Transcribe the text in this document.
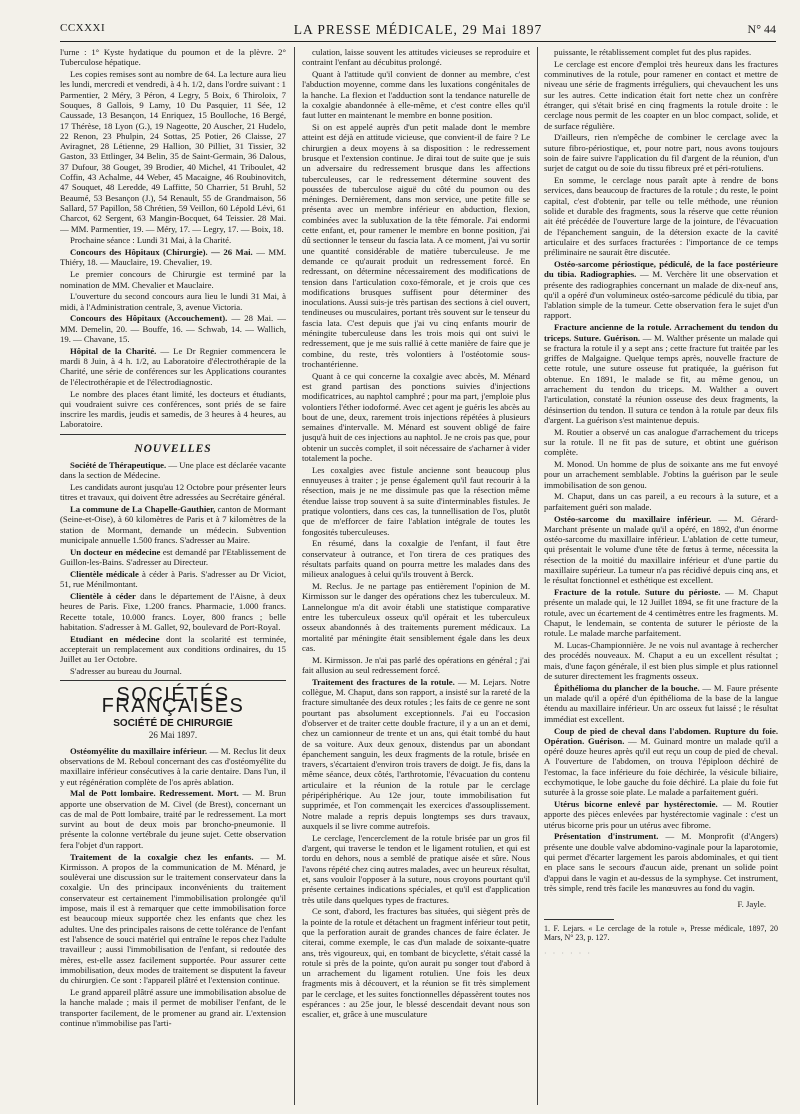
CCXXXI	LA PRESSE MÉDICALE, 29 Mai 1897	N° 44

l'urne : 1° Kyste hydatique du poumon et de la plèvre. 2° Tuberculose hépatique.

Les copies remises sont au nombre de 64. La lecture aura lieu les lundi, mercredi et vendredi, à 4 h. 1/2, dans l'ordre suivant : 1 Parmentier, 2 Méry, 3 Péron, 4 Legry, 5 Boix, 6 Thiroloix, 7 Souques, 8 Gallois, 9 Lamy, 10 Du Pasquier, 11 Sée, 12 Caussade, 13 Besançon, 14 Enriquez, 15 Boulloche, 16 Bergé, 17 Thérèse, 18 Lyon (G.), 19 Nageotte, 20 Auscher, 21 Hudelo, 22 Renon, 23 Phulpin, 24 Sottas, 25 Potier, 26 Claisse, 27 Aviragnet, 28 Létienne, 29 Hallion, 30 Pilliet, 31 Tissier, 32 Gaston, 33 Ettlinger, 34 Belin, 35 de Saint-Germain, 36 Dalous, 37 Dufour, 38 Gouget, 39 Brodier, 40 Michel, 41 Triboulet, 42 Coffin, 43 Achalme, 44 Weber, 45 Macaigne, 46 Roubinovitch, 47 Souquet, 48 Leredde, 49 Laffitte, 50 Charrier, 51 Bruhl, 52 Beaumé, 53 Besançon (J.), 54 Renault, 55 de Grandmaison, 56 Sallard, 57 Papillon, 58 Chrétien, 59 Veillon, 60 Lépold Lévi, 61 Charcot, 62 Sergent, 63 Mangin-Bocquet, 64 Teissier. 28 Mai. — MM. Parmentier, 19. — Méry, 17. — Legry, 17. — Boix, 18.

Prochaine séance : Lundi 31 Mai, à la Charité.

Concours des Hôpitaux (Chirurgie). — 26 Mai. — MM. Thiéry, 18. — Mauclaire, 19. Chevalier, 19.

Le premier concours de Chirurgie est terminé par la nomination de MM. Chevalier et Mauclaire.

L'ouverture du second concours aura lieu le lundi 31 Mai, à midi, à l'Administration centrale, 3, avenue Victoria.

Concours des Hôpitaux (Accouchement). — 28 Mai. — MM. Demelin, 20. — Bouffe, 16. — Schwab, 14. — Wallich, 19. — Chavane, 15.

Hôpital de la Charité. — Le Dr Regnier commencera le mardi 8 Juin, à 4 h. 1/2, au Laboratoire d'électrothérapie de la Charité, une série de conférences sur les Applications courantes de l'électrothérapie et de l'électrodiagnostic.

Le nombre des places étant limité, les docteurs et étudiants, qui voudraient suivre ces conférences, sont priés de se faire inscrire les mardis, jeudis et samedis, de 3 heures à 4 heures, au Laboratoire.

NOUVELLES

Société de Thérapeutique. — Une place est déclarée vacante dans la section de Médecine.

Les candidats auront jusqu'au 12 Octobre pour présenter leurs titres et travaux, qui doivent être adressées au Secrétaire général.

La commune de La Chapelle-Gauthier, canton de Mormant (Seine-et-Oise), à 60 kilomètres de Paris et à 7 kilomètres de la station de Mormant, demande un médecin. Subvention municipale annuelle 1.500 francs. S'adresser au Maire.

Un docteur en médecine est demandé par l'Etablissement de Guillon-les-Bains. S'adresser au Directeur.

Clientèle médicale à céder à Paris. S'adresser au Dr Viciot, 51, rue Ménilmontant.

Clientèle à céder dans le département de l'Aisne, à deux heures de Paris. Fixe, 1.200 francs. Pharmacie, 1.000 francs. Recette totale, 10.000 francs. Loyer, 800 francs ; belle habitation. S'adresser à M. Gallet, 92, boulevard de Port-Royal.

Etudiant en médecine dont la scolarité est terminée, accepterait un remplacement aux conditions ordinaires, du 15 Juillet au 1er Octobre.

S'adresser au bureau du Journal.

SOCIÉTÉS FRANÇAISES
SOCIÉTÉ DE CHIRURGIE
26 Mai 1897.

Ostéomyélite du maxillaire inférieur. — M. Reclus lit deux observations de M. Reboul concernant des cas d'ostéomyélite du maxillaire inférieur consécutives à la carie dentaire. Dans l'un, il y eut régénération complète de l'os après ablation.

Mal de Pott lombaire. Redressement. Mort. — M. Brun apporte une observation de M. Civel (de Brest), concernant un cas de mal de Pott lombaire, traité par le redressement. La mort survint au bout de deux mois par broncho-pneumonie. Il présente la colonne vertébrale du jeune sujet. Cette observation fera l'objet d'un rapport.

Traitement de la coxalgie chez les enfants. — M. Kirmisson. A propos de la communication de M. Ménard, je soulèverai une discussion sur le traitement conservateur dans la coxalgie. Un des principaux inconvénients du traitement conservateur est certainement l'immobilisation prolongée qu'il impose, mais il est à remarquer que cette immobilisation force est beaucoup mieux supportée chez les enfants que chez les adultes. Une des principales raisons de cette tolérance de l'enfant est l'absence de souci matériel qui entraîne le repos chez l'adulte travailleur ; aussi l'immobilisation de l'enfant, si redoutée des mères, est-elle assez facilement supportée. Pour assurer cette immobilisation, deux modes de traitement se disputent la faveur du chirurgien. Ce sont : l'appareil plâtré et l'extension continue.

Le grand appareil plâtré assure une immobilisation absolue de la hanche malade ; mais il permet de mobiliser l'enfant, de le transporter facilement, de le promener au grand air. L'extension continue n'immobilise pas l'arti-

culation, laisse souvent les attitudes vicieuses se reproduire et contraint l'enfant au décubitus prolongé.

Quant à l'attitude qu'il convient de donner au membre, c'est l'abduction moyenne, comme dans les luxations congénitales de la hanche. La flexion et l'adduction sont la tendance naturelle de la coxalgie abandonnée à elle-même, et c'est contre elles qu'il faut lutter en maintenant le membre en bonne position.

Si on est appelé auprès d'un petit malade dont le membre atteint est déjà en attitude vicieuse, que convient-il de faire ? Le chirurgien a deux moyens à sa disposition : le redressement brusque et l'extension continue. Je dirai tout de suite que je suis un adversaire du redressement brusque dans les affections tuberculeuses, car le redressement détermine souvent des poussées de tuberculose aiguë du côté du poumon ou des méninges. Dernièrement, dans mon service, une petite fille se présenta avec un membre inférieur en abduction, flexion, combinées avec la subluxation de la tête fémorale. J'ai endormi cette enfant, et, pour ramener le membre en bonne position, j'ai dû sectionner le tenseur du fascia lata. A ce moment, j'ai vu sortir une quantité considérable de matière tuberculeuse. Je me demande ce qu'aurait produit un redressement forcé. En redressant, on détermine nécessairement des modifications de tension dans l'articulation coxo-fémorale, et je crois que ces modifications brusques suffisent pour déterminer des inoculations. Aussi suis-je très partisan des sections à ciel ouvert, tendineuses ou musculaires, portant très souvent sur le tenseur du fascia lata. C'est depuis que j'ai vu cinq enfants mourir de méningite tuberculeuse dans les trois mois qui ont suivi le redressement, que je me suis rallié à cette manière de faire que je combine, du reste, très volontiers à l'ostéotomie sous-trochantérienne.

Quant à ce qui concerne la coxalgie avec abcès, M. Ménard est grand partisan des ponctions suivies d'injections modificatrices, au naphtol camphré ; pour ma part, j'emploie plus volontiers l'éther iodoformé. Avec cet agent je guéris les abcès au bout de une, deux, rarement trois injections répétées à plusieurs semaines d'intervalle. M. Ménard est souvent obligé de faire jusqu'à huit de ces injections au naphtol. Je ne crois pas que, pour obtenir un succès complet, il soit nécessaire de s'acharner à vider totalement la poche.

Les coxalgies avec fistule ancienne sont beaucoup plus ennuyeuses à traiter ; je pense également qu'il faut recourir à la résection, mais je ne me dissimule pas que la résection même étendue laisse trop souvent à sa suite d'interminables fistules. Je pratique volontiers, dans ces cas, la tunnellisation de l'os, plutôt que de m'efforcer de faire l'ablation intégrale de toutes les fongosités tuberculeuses.

En résumé, dans la coxalgie de l'enfant, il faut être conservateur à outrance, et l'on tirera de ces pratiques des résultats parfaits quand on pourra mettre les malades dans des milieux analogues à celui qu'ils trouvent à Berck.

M. Reclus. Je ne partage pas entièrement l'opinion de M. Kirmisson sur le danger des opérations chez les tuberculeux. M. Lannelongue m'a dit avoir établi une statistique comparative entre les tuberculeux osseux qu'il opérait et les tuberculeux osseux abandonnés à des traitements purement médicaux. La mortalité par méningite était sensiblement égale dans les deux cas.

M. Kirmisson. Je n'ai pas parlé des opérations en général ; j'ai fait allusion au seul redressement forcé.

Traitement des fractures de la rotule. — M. Lejars. Notre collègue, M. Chaput, dans son rapport, a insisté sur la rareté de la fracture simultanée des deux rotules ; les faits de ce genre ne sont pourtant pas absolument exceptionnels. J'ai eu l'occasion d'observer et de traiter cette double fracture, il y a un an et demi, chez un camionneur de trente et un ans, qui était tombé du haut de sa voiture. Aux deux genoux, distendus par un abondant épanchement sanguin, les deux fragments de la rotule, brisée en travers, s'écartaient d'environ trois travers de doigt. Je fis, dans la même séance, deux côtés, l'arthrotomie, l'évacuation du contenu articulaire et la réunion de la rotule par le cerclage péripériphérique. Au 12e jour, toute immobilisation fut supprimée, et l'on commençait les exercices d'assouplissement. Notre malade a repris depuis longtemps ses durs travaux, auxquels il se livre comme autrefois.

Le cerclage, l'encerclement de la rotule brisée par un gros fil d'argent, qui traverse le tendon et le ligament rotulien, et qui est tordu en dehors, nous a semblé de pratique aisée et sûre. Nous l'avons répété chez cinq autres malades, avec un heureux résultat, et, sans vouloir l'opposer à la suture, nous croyons pourtant qu'il présente certaines indications spéciales, et qu'il est d'application très utile dans quelques types de fractures.

Ce sont, d'abord, les fractures bas situées, qui siègent près de la pointe de la rotule et détachent un fragment inférieur tout petit, que la perforation aurait de grandes chances de faire éclater. Je citerai, comme exemple, le cas d'un malade de soixante-quatre ans, très vigoureux, qui, en tombant de bicyclette, s'était cassé la rotule si près de la pointe, qu'on aurait pu songer tout d'abord à un arrachement du ligament rotulien. Une fois les deux fragments mis à découvert, et la réunion se fit très simplement par le cerclage, et les suites fonctionnelles dépassèrent toutes nos espérances : au 25e jour, le blessé descendait devant nous son escalier, et, grâce à une musculature

puissante, le rétablissement complet fut des plus rapides.

Le cerclage est encore d'emploi très heureux dans les fractures comminutives de la rotule, pour ramener en contact et mettre de niveau une série de fragments irréguliers, qui chevauchent les uns sur les autres. Cette indication était fort nette chez un confrère étranger, qui s'était brisé en cinq fragments la rotule droite : le cerclage nous permit de les coapter en un bloc compact, solide, et de surface régulière.

D'ailleurs, rien n'empêche de combiner le cerclage avec la suture fibro-périostique, et, pour notre part, nous avons toujours soin de faire suivre l'application du fil d'argent de la réunion, d'un surjet de catgut ou de soie du tissu fibreux pré et péri-rotuliens.

En somme, le cerclage nous paraît apte à rendre de bons services, dans beaucoup de fractures de la rotule ; du reste, le point capital, c'est d'obtenir, par telle ou telle méthode, une réunion solide et durable des fragments, sous la réserve que cette réunion ait été précédée de l'ouverture large de la jointure, de l'évacuation de l'épanchement sanguin, de la détersion exacte de la cavité articulaire et des surfaces fracturées : l'importance de ce temps préliminaire ne saurait être discutée.

Ostéo-sarcome périostique, pédiculé, de la face postérieure du tibia. Radiographies. — M. Verchère lit une observation et présente des radiographies concernant un malade de dix-neuf ans, qu'il a opéré d'un volumineux ostéo-sarcome pédiculé du tibia, par l'ablation simple de la tumeur. Cette observation fera le sujet d'un rapport.

Fracture ancienne de la rotule. Arrachement du tendon du triceps. Suture. Guérison. — M. Walther présente un malade qui se fractura la rotule il y a sept ans ; cette fracture fut traitée par les griffes de Malgaigne. Quelque temps après, nouvelle fracture de cette rotule, une suture osseuse fut pratiquée, la guérison fut obtenue. En 1891, le malade se fit, au même genou, un arrachement du tendon du triceps. M. Walther a ouvert l'articulation, constaté la réunion osseuse des deux fragments, la désinsertion du tendon. Il sutura ce tendon à la rotule par deux fils d'argent. La guérison s'est maintenue depuis.

M. Routier a observé un cas analogue d'arrachement du triceps sur la rotule. Il ne fit pas de suture, et obtint une guérison complète.

M. Monod. Un homme de plus de soixante ans me fut envoyé pour un arrachement semblable. J'obtins la guérison par le seule immobilisation de son genou.

M. Chaput, dans un cas pareil, a eu recours à la suture, et a parfaitement guéri son malade.

Ostéo-sarcome du maxillaire inférieur. — M. Gérard-Marchant présente un malade qu'il a opéré, en 1892, d'un énorme ostéo-sarcome du maxillaire inférieur. L'ablation de cette tumeur, qui présentait le volume d'une tête de fœtus à terme, nécessita la résection de la moitié du maxillaire inférieur et d'une partie du maxillaire supérieur. La tumeur n'a pas récidivé depuis cinq ans, et le résultat fonctionnel et esthétique est excellent.

Fracture de la rotule. Suture du périoste. — M. Chaput présente un malade qui, le 12 Juillet 1894, se fit une fracture de la rotule, avec un écartement de 4 centimètres entre les fragments. M. Chaput, le lendemain, se contenta de suturer le périoste de la rotule. Le malade marche parfaitement.

M. Lucas-Championnière. Je ne vois nul avantage à rechercher des procédés nouveaux. M. Chaput a eu un excellent résultat ; mais, d'une façon générale, il est bien plus simple et plus rationnel de suturer directement les fragments osseux.

Épithélioma du plancher de la bouche. — M. Faure présente un malade qu'il a opéré d'un épithélioma de la base de la langue étendu au maxillaire inférieur. Un arc osseux fut laissé ; le résultat immédiat est excellent.

Coup de pied de cheval dans l'abdomen. Rupture du foie. Opération. Guérison. — M. Guinard montre un malade qu'il a opéré douze heures après qu'il eut reçu un coup de pied de cheval. A l'ouverture de l'abdomen, on trouva l'épiploon déchiré de l'estomac, la face inférieure du foie déchirée, la vésicule biliaire, ecchymotique, le lobe gauche du foie déchiré. La plaie du foie fut suturée à la grosse soie plate. Le malade a parfaitement guéri.

Utérus bicorne enlevé par hystérectomie. — M. Routier apporte des pièces enlevées par hystérectomie vaginale : c'est un utérus bicorne pris pour un utérus avec fibrome.

Présentation d'instrument. — M. Monprofit (d'Angers) présente une double valve abdomino-vaginale pour la laparotomie, qui permet d'écarter largement les parois abdominales, et qui tient en place sans le secours d'aucun aide, prenant un solide point d'appui dans le vagin et au-dessus de la symphyse. Cet instrument, très simple, rend très facile les manœuvres au fond du vagin.

F. Jayle.
1. F. Lejars. « Le cerclage de la rotule », Presse médicale, 1897, 20 Mars, N° 23, p. 127.
· · · · · ·
